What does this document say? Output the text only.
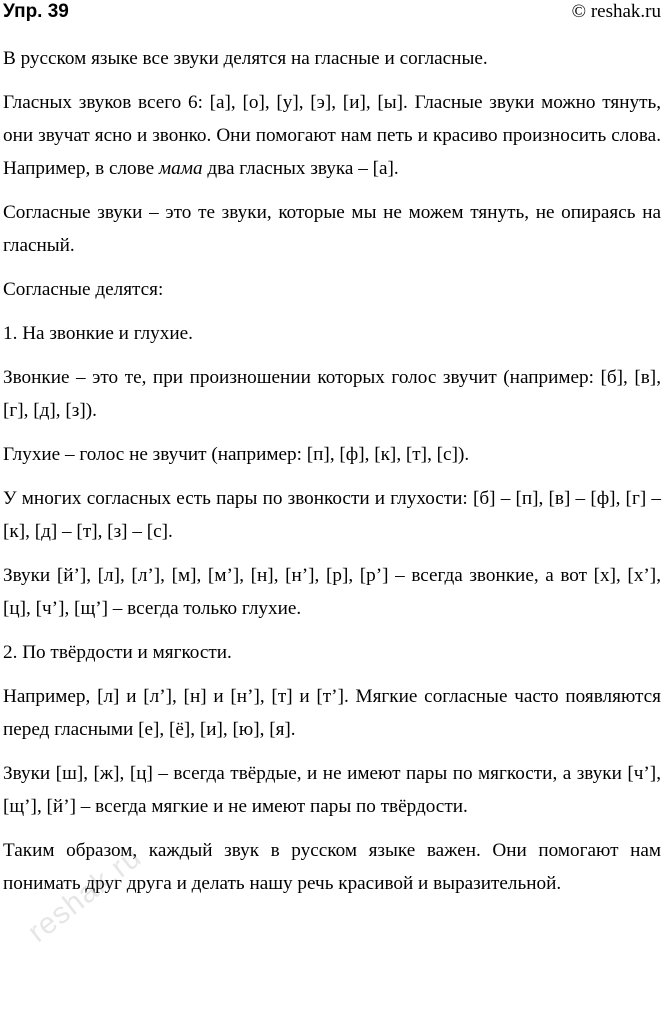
Упр. 39	© reshak.ru

В русском языке все звуки делятся на гласные и согласные.

Гласных звуков всего 6: [а], [о], [у], [э], [и], [ы]. Гласные звуки можно тянуть, они звучат ясно и звонко. Они помогают нам петь и красиво произносить слова. Например, в слове мама два гласных звука – [а].

Согласные звуки – это те звуки, которые мы не можем тянуть, не опираясь на гласный.

Согласные делятся:

1. На звонкие и глухие.

Звонкие – это те, при произношении которых голос звучит (например: [б], [в], [г], [д], [з]).

Глухие – голос не звучит (например: [п], [ф], [к], [т], [с]).

У многих согласных есть пары по звонкости и глухости: [б] – [п], [в] – [ф], [г] – [к], [д] – [т], [з] – [с].

Звуки [й’], [л], [л’], [м], [м’], [н], [н’], [р], [р’] – всегда звонкие, а вот [х], [х’], [ц], [ч’], [щ’] – всегда только глухие.

2. По твёрдости и мягкости.

Например, [л] и [л’], [н] и [н’], [т] и [т’]. Мягкие согласные часто появляются перед гласными [е], [ё], [и], [ю], [я].

Звуки [ш], [ж], [ц] – всегда твёрдые, и не имеют пары по мягкости, а звуки [ч’], [щ’], [й’] – всегда мягкие и не имеют пары по твёрдости.

Таким образом, каждый звук в русском языке важен. Они помогают нам понимать друг друга и делать нашу речь красивой и выразительной.

reshak.ru
